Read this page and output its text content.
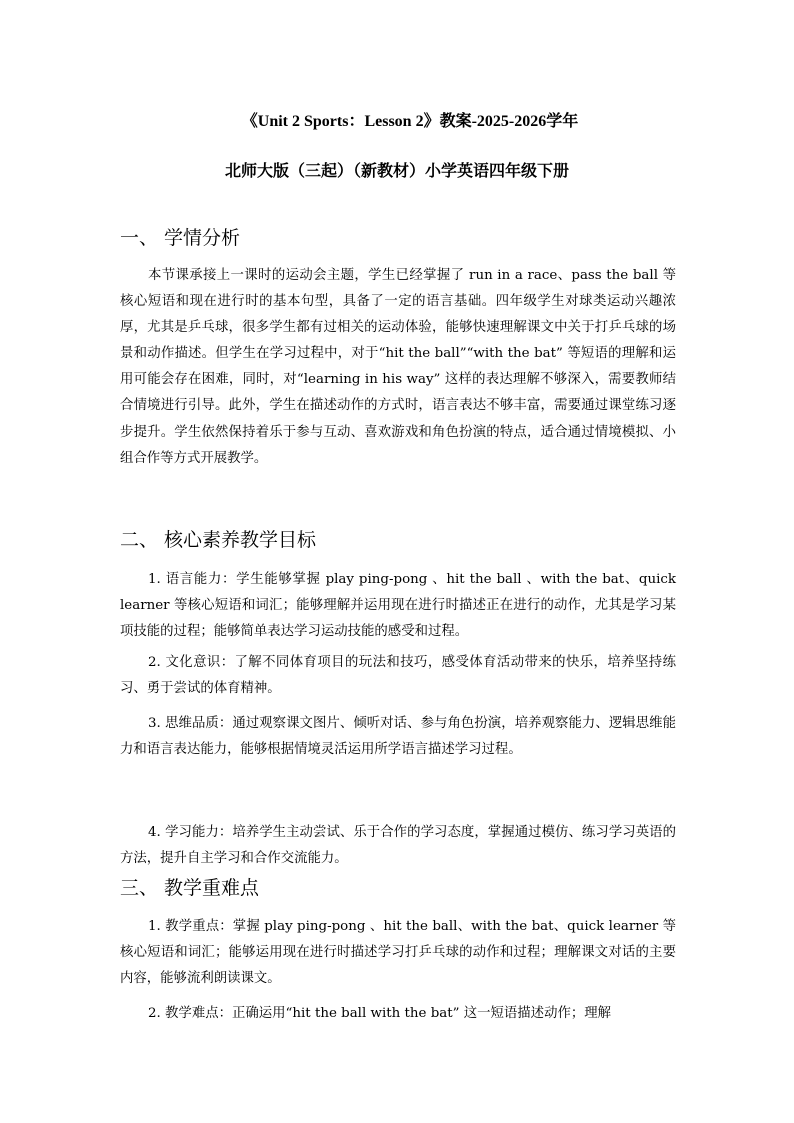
《Unit 2 Sports：Lesson 2》教案-2025-2026学年
北师大版（三起）（新教材）小学英语四年级下册
一、 学情分析

本节课承接上一课时的运动会主题，学生已经掌握了 run in a race、pass the ball 等核心短语和现在进行时的基本句型，具备了一定的语言基础。四年级学生对球类运动兴趣浓厚，尤其是乒乓球，很多学生都有过相关的运动体验，能够快速理解课文中关于打乒乓球的场景和动作描述。但学生在学习过程中，对于“hit the ball”“with the bat” 等短语的理解和运用可能会存在困难，同时，对“learning in his way” 这样的表达理解不够深入，需要教师结合情境进行引导。此外，学生在描述动作的方式时，语言表达不够丰富，需要通过课堂练习逐步提升。学生依然保持着乐于参与互动、喜欢游戏和角色扮演的特点，适合通过情境模拟、小组合作等方式开展教学。

二、 核心素养教学目标

1. 语言能力：学生能够掌握 play ping-pong 、hit the ball 、with the bat、quick learner 等核心短语和词汇；能够理解并运用现在进行时描述正在进行的动作，尤其是学习某项技能的过程；能够简单表达学习运动技能的感受和过程。

2. 文化意识：了解不同体育项目的玩法和技巧，感受体育活动带来的快乐，培养坚持练习、勇于尝试的体育精神。

3. 思维品质：通过观察课文图片、倾听对话、参与角色扮演，培养观察能力、逻辑思维能力和语言表达能力，能够根据情境灵活运用所学语言描述学习过程。

4. 学习能力：培养学生主动尝试、乐于合作的学习态度，掌握通过模仿、练习学习英语的方法，提升自主学习和合作交流能力。

三、 教学重难点

1. 教学重点：掌握 play ping-pong 、hit the ball、with the bat、quick learner 等核心短语和词汇；能够运用现在进行时描述学习打乒乓球的动作和过程；理解课文对话的主要内容，能够流利朗读课文。

2. 教学难点：正确运用“hit the ball with the bat” 这一短语描述动作；理解
